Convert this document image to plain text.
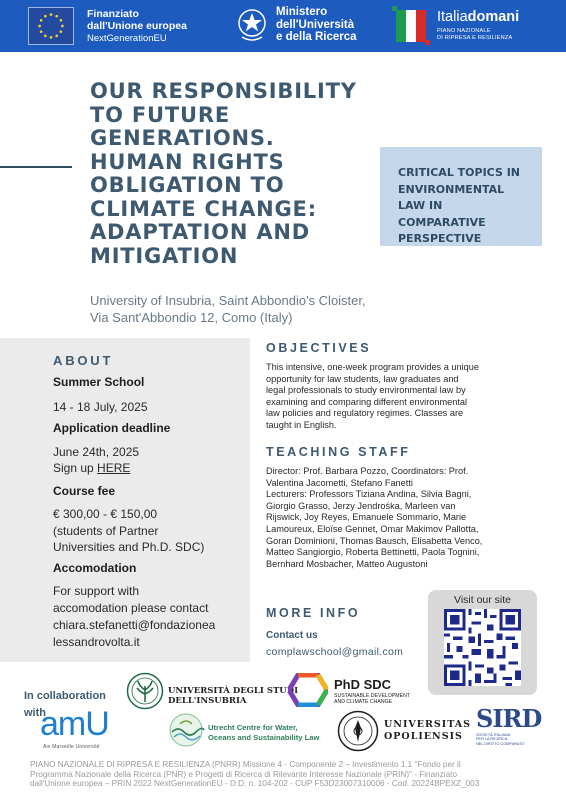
Finanziato
dall'Unione europea
NextGenerationEU
Ministero
dell'Università
e della Ricerca
Italiadomani
PIANO NAZIONALE
DI RIPRESA E RESILIENZA
OUR RESPONSIBILITY
TO FUTURE
GENERATIONS.
HUMAN RIGHTS
OBLIGATION TO
CLIMATE CHANGE:
ADAPTATION AND
MITIGATION
CRITICAL TOPICS IN
ENVIRONMENTAL
LAW IN
COMPARATIVE
PERSPECTIVE
University of Insubria, Saint Abbondio's Cloister,
Via Sant'Abbondio 12, Como (Italy)
ABOUT
Summer School
14 - 18 July, 2025
Application deadline
June 24th, 2025
Sign up HERE
Course fee
€ 300,00 - € 150,00
(students of Partner
Universities and Ph.D. SDC)
Accomodation
For support with
accomodation please contact
chiara.stefanetti@fondazionea
lessandrovolta.it
OBJECTIVES
This intensive, one-week program provides a unique
opportunity for law students, law graduates and
legal professionals to study environmental law by
examining and comparing different environmental
law policies and regulatory regimes. Classes are
taught in English.
TEACHING STAFF
Director: Prof. Barbara Pozzo, Coordinators: Prof.
Valentina Jacometti, Stefano Fanetti
Lecturers: Professors Tiziana Andina, Silvia Bagni,
Giorgio Grasso, Jerzy Jendrośka, Marleen van
Rijswick, Joy Reyes, Emanuele Sommario, Marie
Lamoureux, Eloïse Gennet, Omar Makimov Pallotta,
Goran Dominioni, Thomas Bausch, Elisabetta Venco,
Matteo Sangiorgio, Roberta Bettinetti, Paola Tognini,
Bernhard Mosbacher, Matteo Augustoni
MORE INFO
Contact us
complawschool@gmail.com
Visit our site
In collaboration
with
amU
Aix Marseille Université
UNIVERSITÀ DEGLI STUDI
DELL'INSUBRIA
PhD SDC
SUSTAINABLE DEVELOPMENT
AND CLIMATE CHANGE
Utrecht Centre for Water,
Oceans and Sustainability Law
UNIVERSITAS
OPOLIENSIS
SIRD
SOCIETÀ ITALIANA
PER LA RICERCA
NEL DIRITTO COMPARATO
PIANO NAZIONALE DI RIPRESA E RESILIENZA (PNRR) Missione 4 - Componente 2 – Investimento 1.1 "Fondo per il
Programma Nazionale della Ricerca (PNR) e Progetti di Ricerca di Rilevante Interesse Nazionale (PRIN)" - Finanziato
dall'Unione europea – PRIN 2022 NextGenerationEU - D.D. n. 104-202 - CUP F53D23007310006 - Cod. 20224BPEXZ_003
